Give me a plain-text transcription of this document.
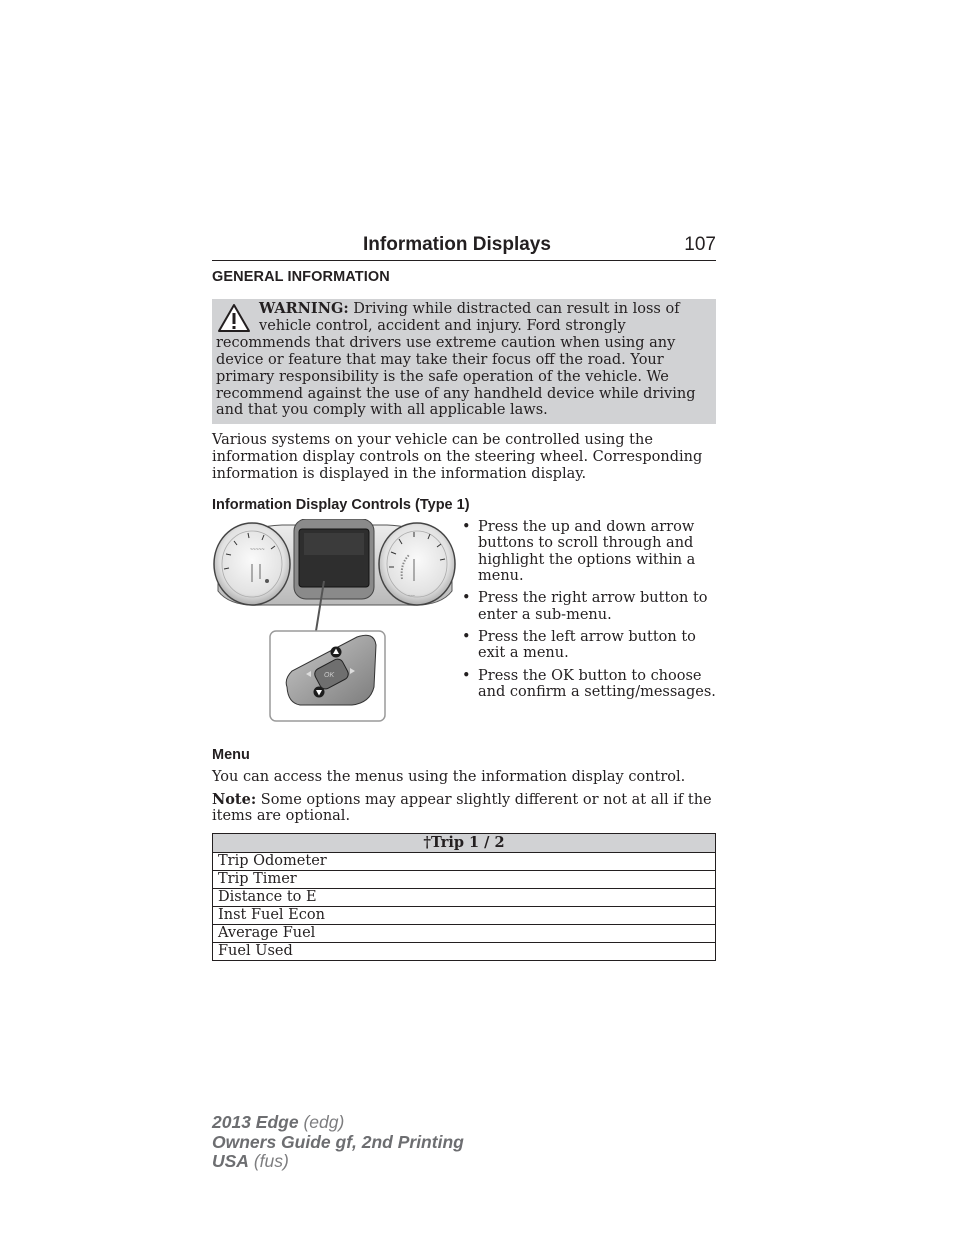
Information Displays	107
GENERAL INFORMATION
WARNING: Driving while distracted can result in loss of vehicle control, accident and injury. Ford strongly recommends that drivers use extreme caution when using any device or feature that may take their focus off the road. Your primary responsibility is the safe operation of the vehicle. We recommend against the use of any handheld device while driving and that you comply with all applicable laws.

Various systems on your vehicle can be controlled using the information display controls on the steering wheel. Corresponding information is displayed in the information display.

Information Display Controls (Type 1)
~~~~~
~~~
OK
• Press the up and down arrow buttons to scroll through and highlight the options within a menu.
• Press the right arrow button to enter a sub-menu.
• Press the left arrow button to exit a menu.
• Press the OK button to choose and confirm a setting/messages.
Menu

You can access the menus using the information display control.

Note: Some options may appear slightly different or not at all if the items are optional.

†Trip 1 / 2
Trip Odometer
Trip Timer
Distance to E
Inst Fuel Econ
Average Fuel
Fuel Used
2013 Edge (edg)
Owners Guide gf, 2nd Printing
USA (fus)
